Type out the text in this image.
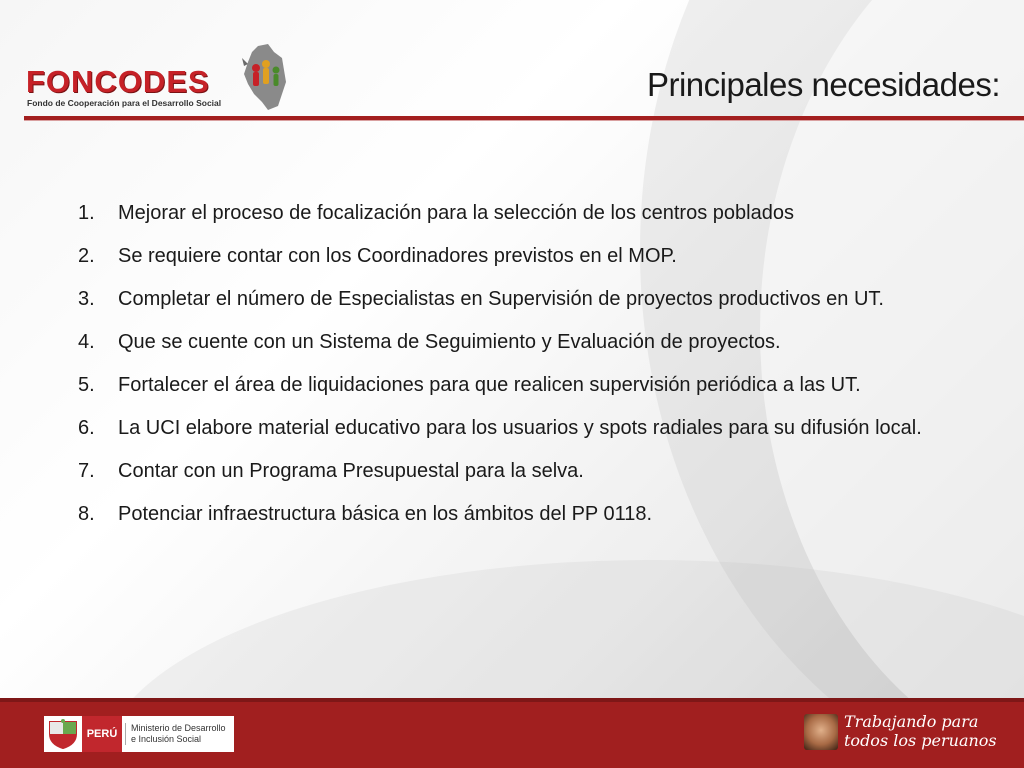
FONCODES
Fondo de Cooperación para el Desarrollo Social	Principales necesidades:
1.	Mejorar el proceso de focalización para la selección de los centros poblados
2.	Se requiere contar con los Coordinadores previstos en el MOP.
3.	Completar el número de Especialistas en Supervisión de proyectos productivos en UT.
4.	Que se cuente con un Sistema de Seguimiento y Evaluación de proyectos.
5.	Fortalecer el área de liquidaciones para que realicen supervisión periódica a las UT.
6.	La UCI elabore material educativo para los usuarios y spots radiales para su difusión local.
7.	Contar con un Programa Presupuestal para la selva.
8.	Potenciar infraestructura básica en los ámbitos del PP 0118.
PERÚ	Ministerio de Desarrollo
e Inclusión Social
Trabajando para
todos los peruanos
